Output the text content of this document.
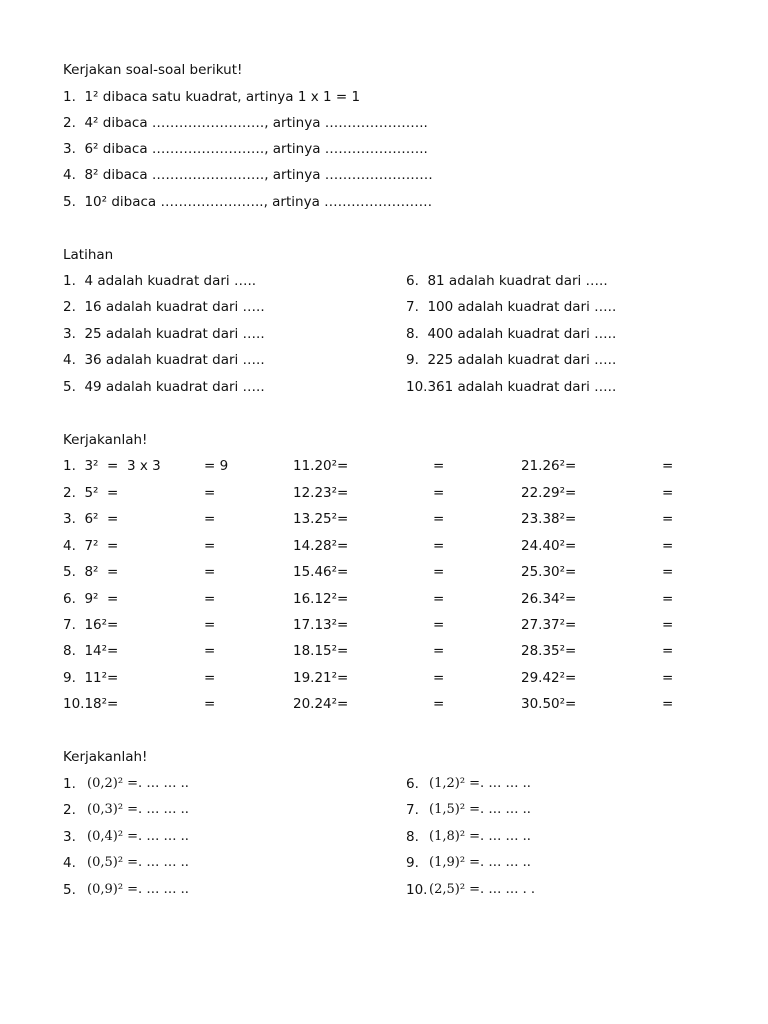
Kerjakan soal-soal berikut!
1.  1² dibaca satu kuadrat, artinya 1 x 1 = 1
2.  4² dibaca ……………………., artinya …………………..
3.  6² dibaca ……………………., artinya …………………..
4.  8² dibaca ……………………., artinya ……………………
5.  10² dibaca ………………….., artinya ……………………
Latihan
1.  4 adalah kuadrat dari …..
2.  16 adalah kuadrat dari …..
3.  25 adalah kuadrat dari …..
4.  36 adalah kuadrat dari …..
5.  49 adalah kuadrat dari …..
6.  81 adalah kuadrat dari …..
7.  100 adalah kuadrat dari …..
8.  400 adalah kuadrat dari …..
9.  225 adalah kuadrat dari …..
10.361 adalah kuadrat dari …..
Kerjakanlah!
1.  3²  =  3 x 3	= 9	11.20²=	=	21.26²=	=
2.  5²  =	=	12.23²=	=	22.29²=	=
3.  6²  =	=	13.25²=	=	23.38²=	=
4.  7²  =	=	14.28²=	=	24.40²=	=
5.  8²  =	=	15.46²=	=	25.30²=	=
6.  9²  =	=	16.12²=	=	26.34²=	=
7.  16²=	=	17.13²=	=	27.37²=	=
8.  14²=	=	18.15²=	=	28.35²=	=
9.  11²=	=	19.21²=	=	29.42²=	=
10.18²=	=	20.24²=	=	30.50²=	=
Kerjakanlah!
1. (0,2)² =. … … ..	6. (1,2)² =. … … ..
2. (0,3)² =. … … ..	7. (1,5)² =. … … ..
3. (0,4)² =. … … ..	8. (1,8)² =. … … ..
4. (0,5)² =. … … ..	9. (1,9)² =. … … ..
5. (0,9)² =. … … ..	10. (2,5)² =. … … . .
